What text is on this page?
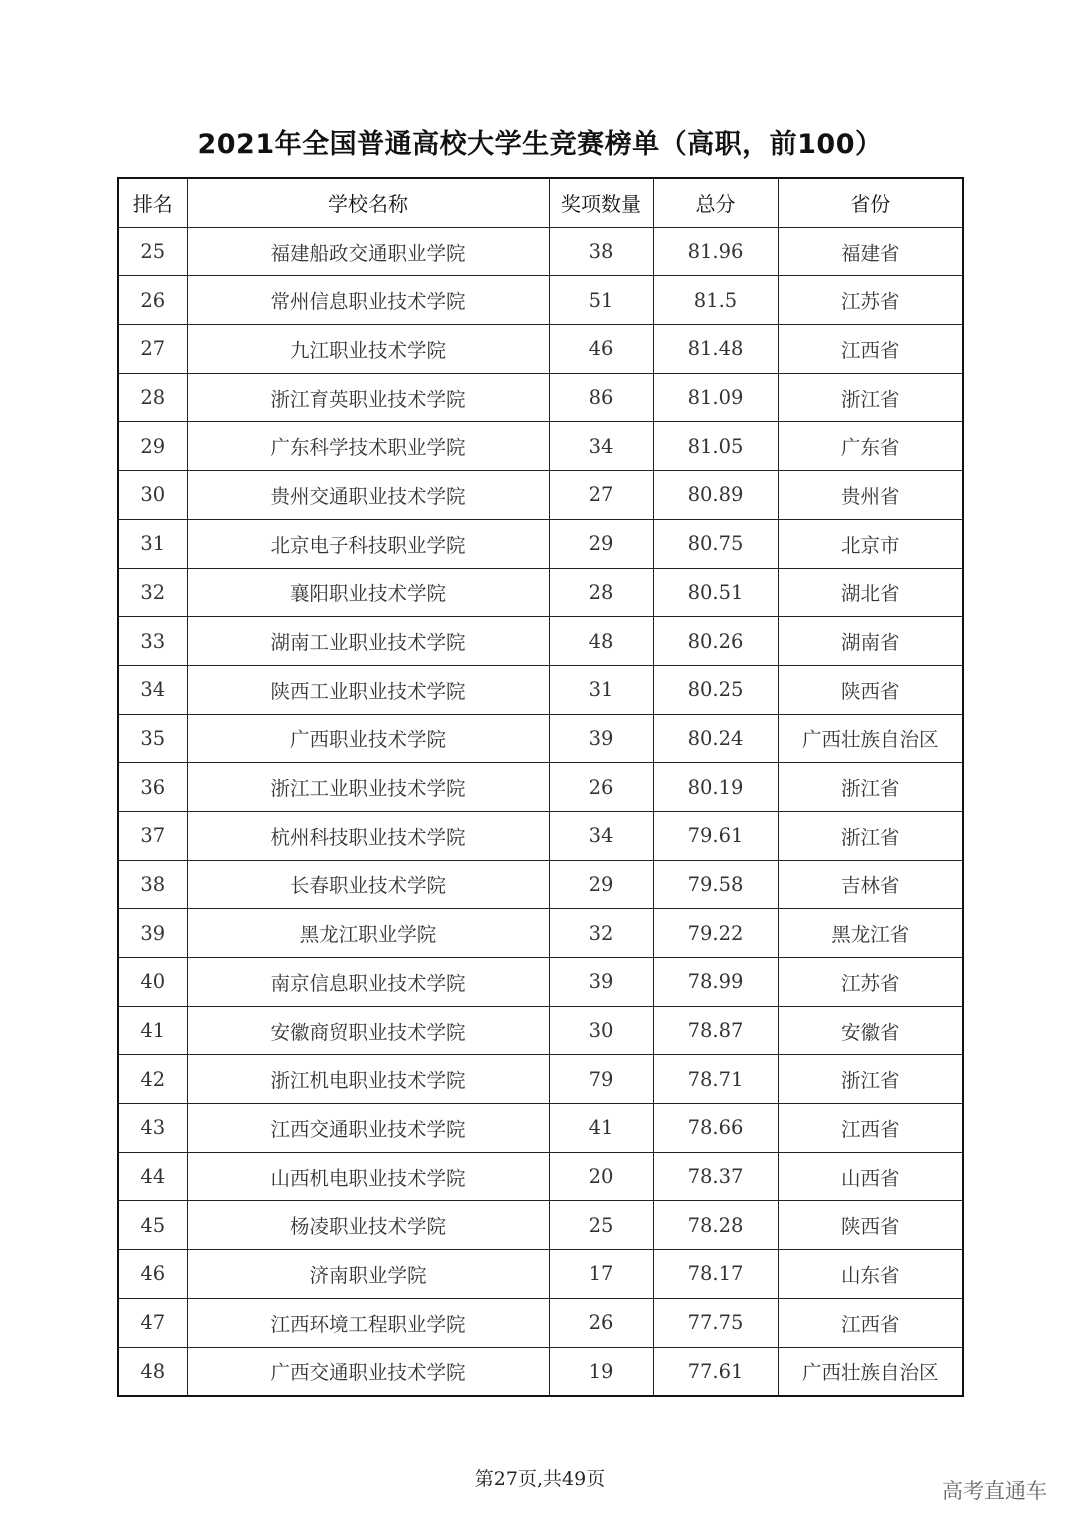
2021年全国普通高校大学生竞赛榜单（高职，前100）
排名	学校名称	奖项数量	总分	省份
25	福建船政交通职业学院	38	81.96	福建省
26	常州信息职业技术学院	51	81.5	江苏省
27	九江职业技术学院	46	81.48	江西省
28	浙江育英职业技术学院	86	81.09	浙江省
29	广东科学技术职业学院	34	81.05	广东省
30	贵州交通职业技术学院	27	80.89	贵州省
31	北京电子科技职业学院	29	80.75	北京市
32	襄阳职业技术学院	28	80.51	湖北省
33	湖南工业职业技术学院	48	80.26	湖南省
34	陕西工业职业技术学院	31	80.25	陕西省
35	广西职业技术学院	39	80.24	广西壮族自治区
36	浙江工业职业技术学院	26	80.19	浙江省
37	杭州科技职业技术学院	34	79.61	浙江省
38	长春职业技术学院	29	79.58	吉林省
39	黑龙江职业学院	32	79.22	黑龙江省
40	南京信息职业技术学院	39	78.99	江苏省
41	安徽商贸职业技术学院	30	78.87	安徽省
42	浙江机电职业技术学院	79	78.71	浙江省
43	江西交通职业技术学院	41	78.66	江西省
44	山西机电职业技术学院	20	78.37	山西省
45	杨凌职业技术学院	25	78.28	陕西省
46	济南职业学院	17	78.17	山东省
47	江西环境工程职业学院	26	77.75	江西省
48	广西交通职业技术学院	19	77.61	广西壮族自治区
第27页,共49页	高考直通车
